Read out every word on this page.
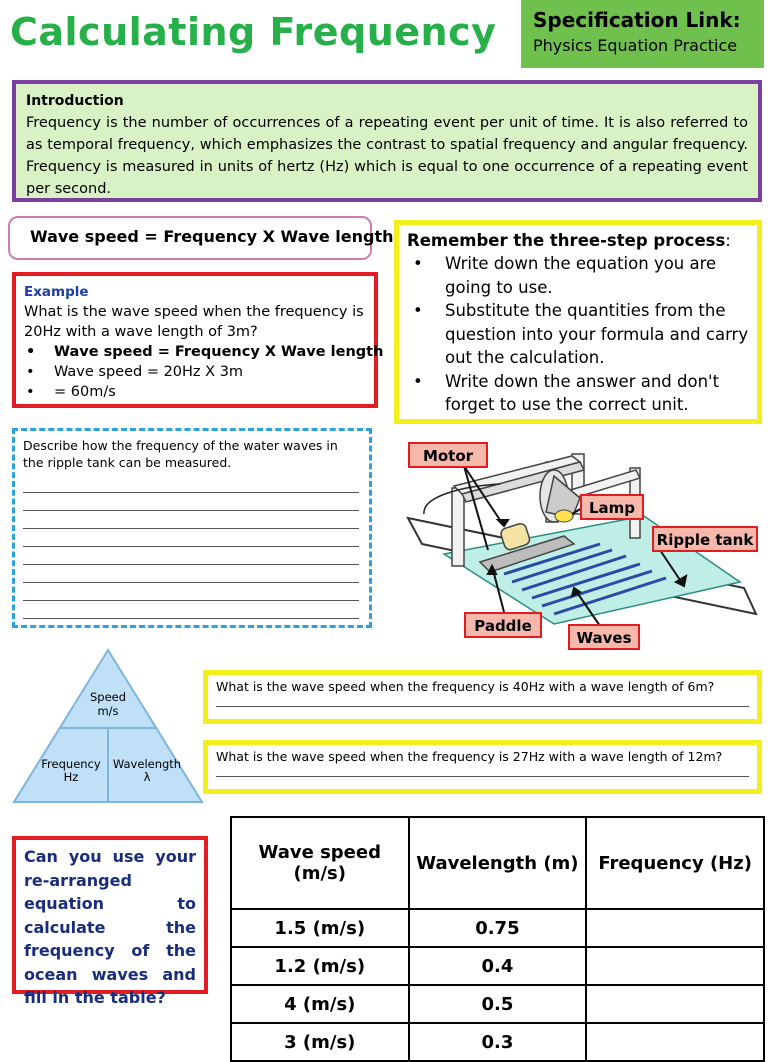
Calculating Frequency Specification Link:
Physics Equation Practice
Introduction
Frequency is the number of occurrences of a repeating event per unit of time. It is also referred to as temporal frequency, which emphasizes the contrast to spatial frequency and angular frequency. Frequency is measured in units of hertz (Hz) which is equal to one occurrence of a repeating event per second.
Wave speed = Frequency X Wave length Remember the three-step process:
• Write down the equation you are going to use.
• Substitute the quantities from the question into your formula and carry out the calculation.
• Write down the answer and don't forget to use the correct unit.
Example
What is the wave speed when the frequency is 20Hz with a wave length of 3m?
• Wave speed = Frequency X Wave length
• Wave speed = 20Hz X 3m
• = 60m/s
Describe how the frequency of the water waves in the ripple tank can be measured.	Motor
Lamp
Ripple tank
Paddle
Waves
Speed
m/s
Frequency
Hz
Wavelength
λ
What is the wave speed when the frequency is 40Hz with a wave length of 6m?
What is the wave speed when the frequency is 27Hz with a wave length of 12m?
Can you use your re-arranged equation to calculate the frequency of the ocean waves and fill in the table?
Wave speed (m/s)	Wavelength (m)	Frequency (Hz)
1.5 (m/s)	0.75	
1.2 (m/s)	0.4	
4 (m/s)	0.5	
3 (m/s)	0.3	
